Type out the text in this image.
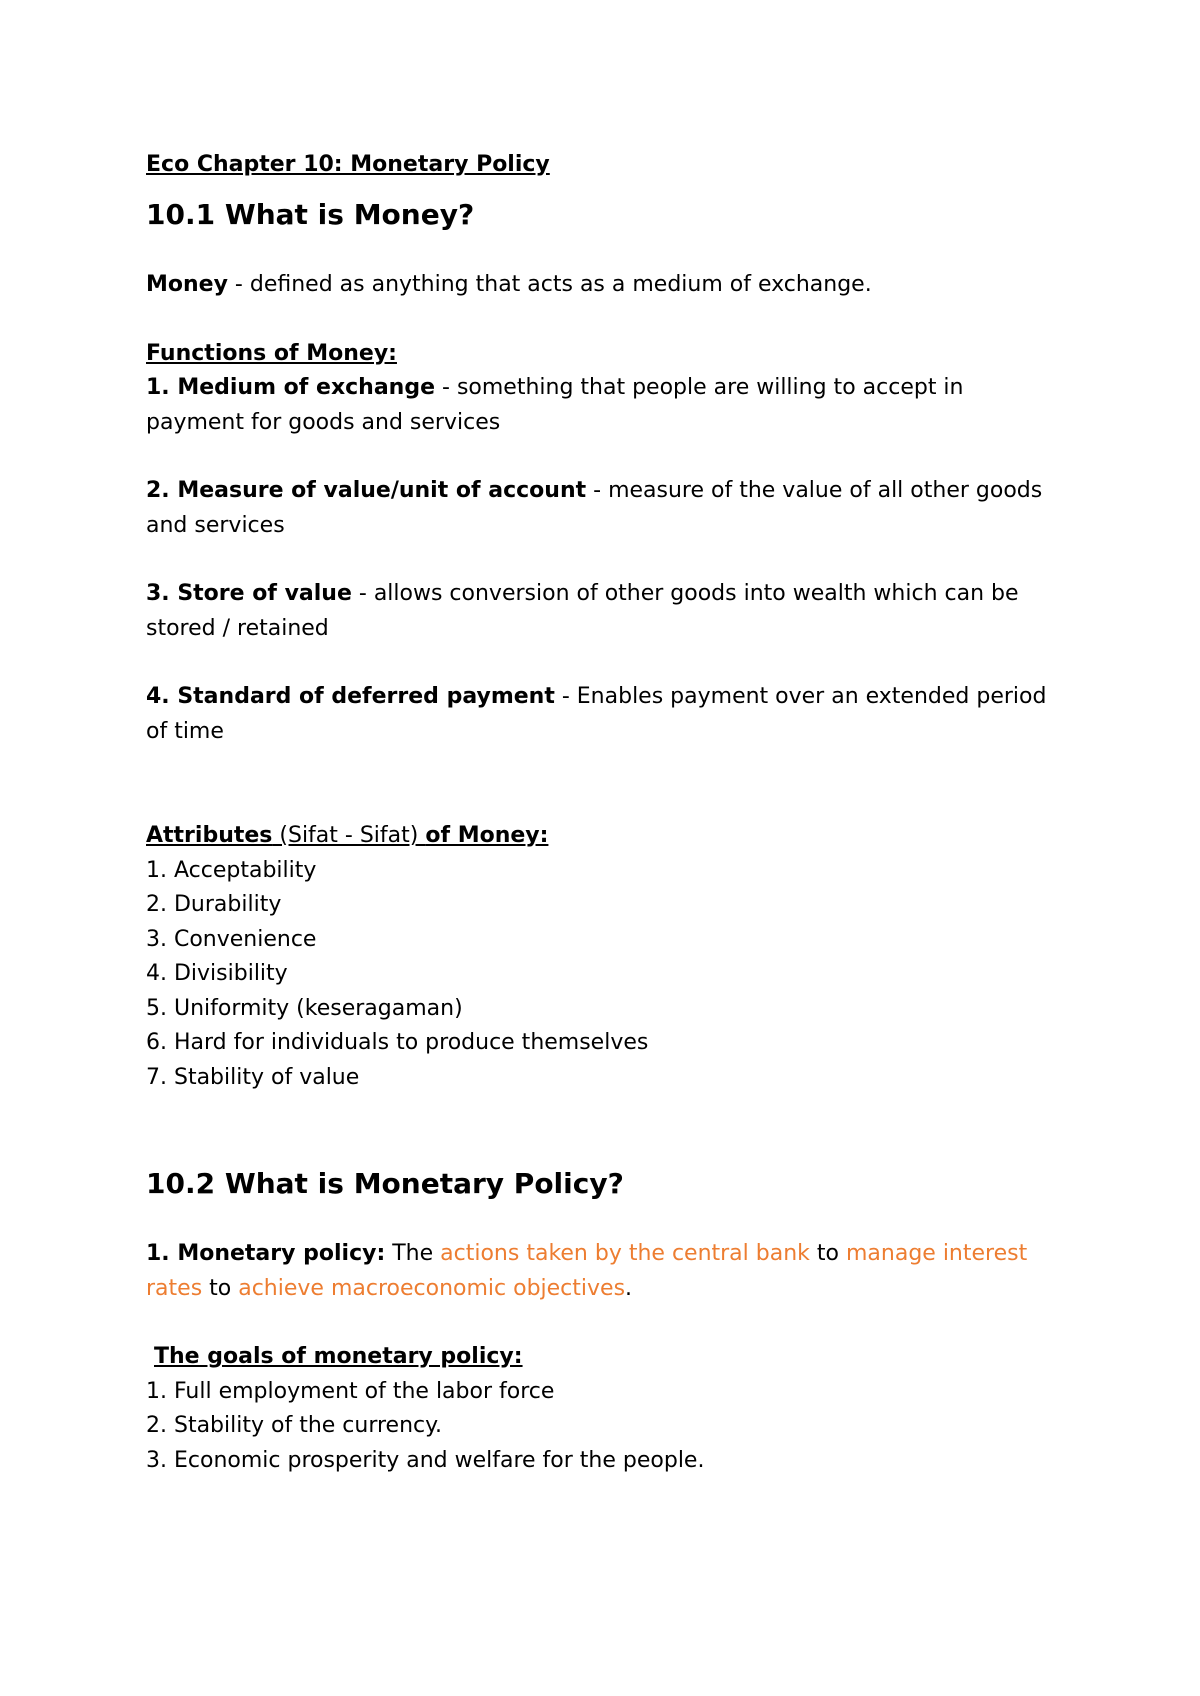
Eco Chapter 10: Monetary Policy

10.1 What is Money?

Money - defined as anything that acts as a medium of exchange.

Functions of Money:

1. Medium of exchange - something that people are willing to accept in payment for goods and services

2. Measure of value/unit of account - measure of the value of all other goods and services

3. Store of value - allows conversion of other goods into wealth which can be stored / retained

4. Standard of deferred payment - Enables payment over an extended period of time

Attributes (Sifat - Sifat) of Money:

1. Acceptability

2. Durability

3. Convenience

4. Divisibility

5. Uniformity (keseragaman)

6. Hard for individuals to produce themselves

7. Stability of value

10.2 What is Monetary Policy?

1. Monetary policy: The actions taken by the central bank to manage interest rates to achieve macroeconomic objectives.

The goals of monetary policy:

1. Full employment of the labor force

2. Stability of the currency.

3. Economic prosperity and welfare for the people.
